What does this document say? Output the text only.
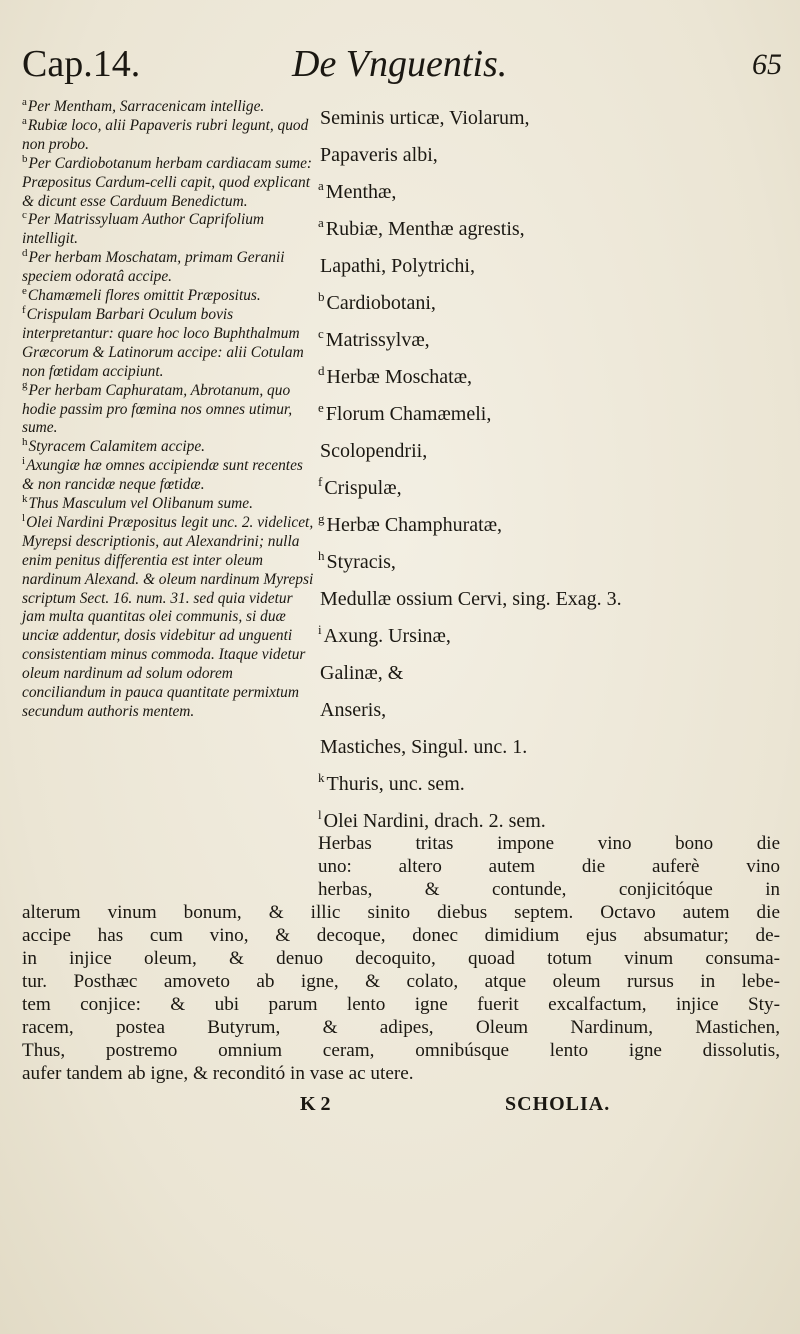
Cap.14.	De Vnguentis.	65

$^a$Per Mentham, Sarracenicam intellige.

$^a$Rubiæ loco, alii Papaveris rubri legunt, quod non probo.

$^b$Per Cardiobotanum herbam cardiacam sume: Præpositus Cardum-celli capit, quod explicant & dicunt esse Carduum Benedictum.

$^c$Per Matrissyluam Author Caprifolium intelligit.

$^d$Per herbam Moschatam, primam Geranii speciem odoratâ accipe.

$^e$Chamæmeli flores omittit Præpositus.

$^f$Crispulam Barbari Oculum bovis interpretantur: quare hoc loco Buphthalmum Græcorum & Latinorum accipe: alii Cotulam non fœtidam accipiunt.

$^g$Per herbam Caphuratam, Abrotanum, quo hodie passim pro fœmina nos omnes utimur, sume.

$^h$Styracem Calamitem accipe.

$^i$Axungiæ hæ omnes accipiendæ sunt recentes & non rancidæ neque fœtidæ.

$^k$Thus Masculum vel Olibanum sume.

$^l$Olei Nardini Præpositus legit unc. 2. videlicet, Myrepsi descriptionis, aut Alexandrini; nulla enim penitus differentia est inter oleum nardinum Alexand. & oleum nardinum Myrepsi scriptum Sect. 16. num. 31. sed quia videtur jam multa quantitas olei communis, si duæ unciæ addentur, dosis videbitur ad unguenti consistentiam minus commoda. Itaque videtur oleum nardinum ad solum odorem conciliandum in pauca quantitate permixtum secundum authoris mentem.

Seminis urticæ, Violarum,

Papaveris albi,

$^a$ Menthæ,

$^a$ Rubiæ, Menthæ agrestis,

Lapathi, Polytrichi,

$^b$ Cardiobotani,

$^c$ Matrissylvæ,

$^d$ Herbæ Moschatæ,

$^e$ Florum Chamæmeli,

Scolopendrii,

$^f$ Crispulæ,

$^g$ Herbæ Champhuratæ,

$^h$ Styracis,

Medullæ ossium Cervi, sing. Exag. 3.

$^i$ Axung. Ursinæ,

Galinæ, &

Anseris,

Mastiches, Singul. unc. 1.

$^k$ Thuris, unc. sem.

$^l$ Olei Nardini, drach. 2. sem.

Herbas tritas impone vino bono die

uno: altero autem die auferè vino

herbas, & contunde, conjicitóque in

alterum vinum bonum, & illic sinito diebus septem. Octavo autem die

accipe has cum vino, & decoque, donec dimidium ejus absumatur; de-

in injice oleum, & denuo decoquito, quoad totum vinum consuma-

tur. Posthæc amoveto ab igne, & colato, atque oleum rursus in lebe-

tem conjice: & ubi parum lento igne fuerit excalfactum, injice Sty-

racem, postea Butyrum, & adipes, Oleum Nardinum, Mastichen,

Thus, postremo omnium ceram, omnibúsque lento igne dissolutis,

aufer tandem ab igne, & reconditó in vase ac utere.

K 2	SCHOLIA.
